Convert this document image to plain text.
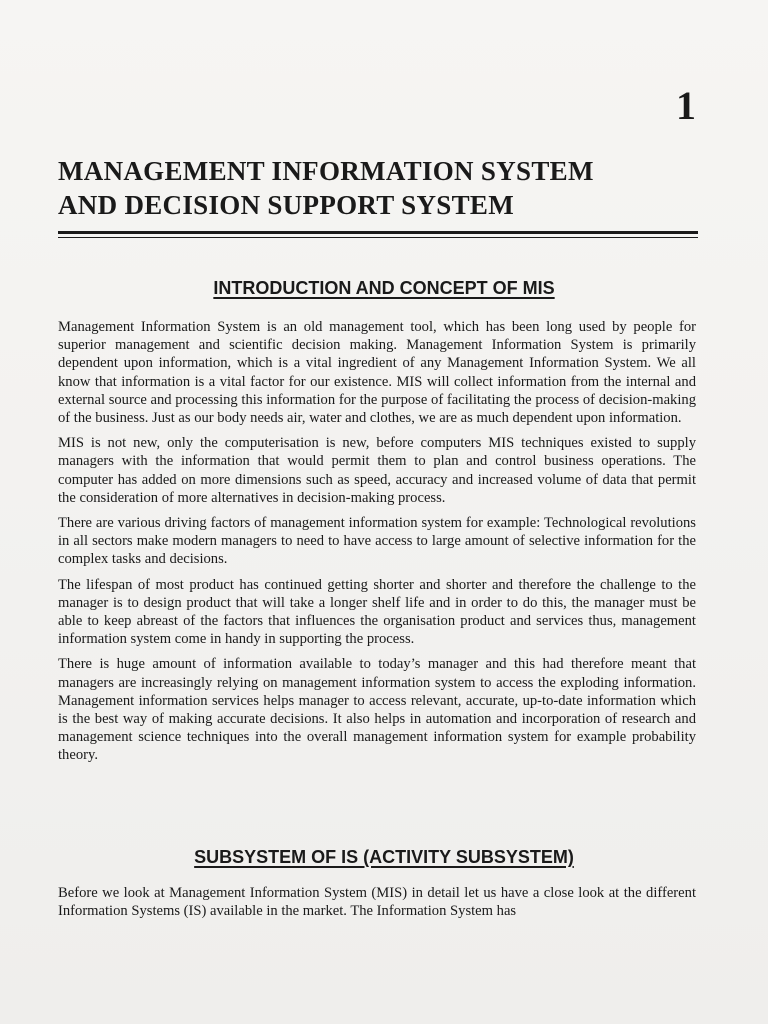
1
MANAGEMENT INFORMATION SYSTEM
AND DECISION SUPPORT SYSTEM
INTRODUCTION AND CONCEPT OF MIS

Management Information System is an old management tool, which has been long used by people for superior management and scientific decision making. Management Information System is primarily dependent upon information, which is a vital ingredient of any Management Information System. We all know that information is a vital factor for our existence. MIS will collect information from the internal and external source and processing this information for the purpose of facilitating the process of decision-making of the business. Just as our body needs air, water and clothes, we are as much dependent upon information.

MIS is not new, only the computerisation is new, before computers MIS techniques existed to supply managers with the information that would permit them to plan and control business operations. The computer has added on more dimensions such as speed, accuracy and increased volume of data that permit the consideration of more alternatives in decision-making process.

There are various driving factors of management information system for example: Technological revolutions in all sectors make modern managers to need to have access to large amount of selective information for the complex tasks and decisions.

The lifespan of most product has continued getting shorter and shorter and therefore the challenge to the manager is to design product that will take a longer shelf life and in order to do this, the manager must be able to keep abreast of the factors that influences the organisation product and services thus, management information system come in handy in supporting the process.

There is huge amount of information available to today’s manager and this had therefore meant that managers are increasingly relying on management information system to access the exploding information. Management information services helps manager to access relevant, accurate, up-to-date information which is the best way of making accurate decisions. It also helps in automation and incorporation of research and management science techniques into the overall management information system for example probability theory.

SUBSYSTEM OF IS (ACTIVITY SUBSYSTEM)

Before we look at Management Information System (MIS) in detail let us have a close look at the different Information Systems (IS) available in the market. The Information System has
